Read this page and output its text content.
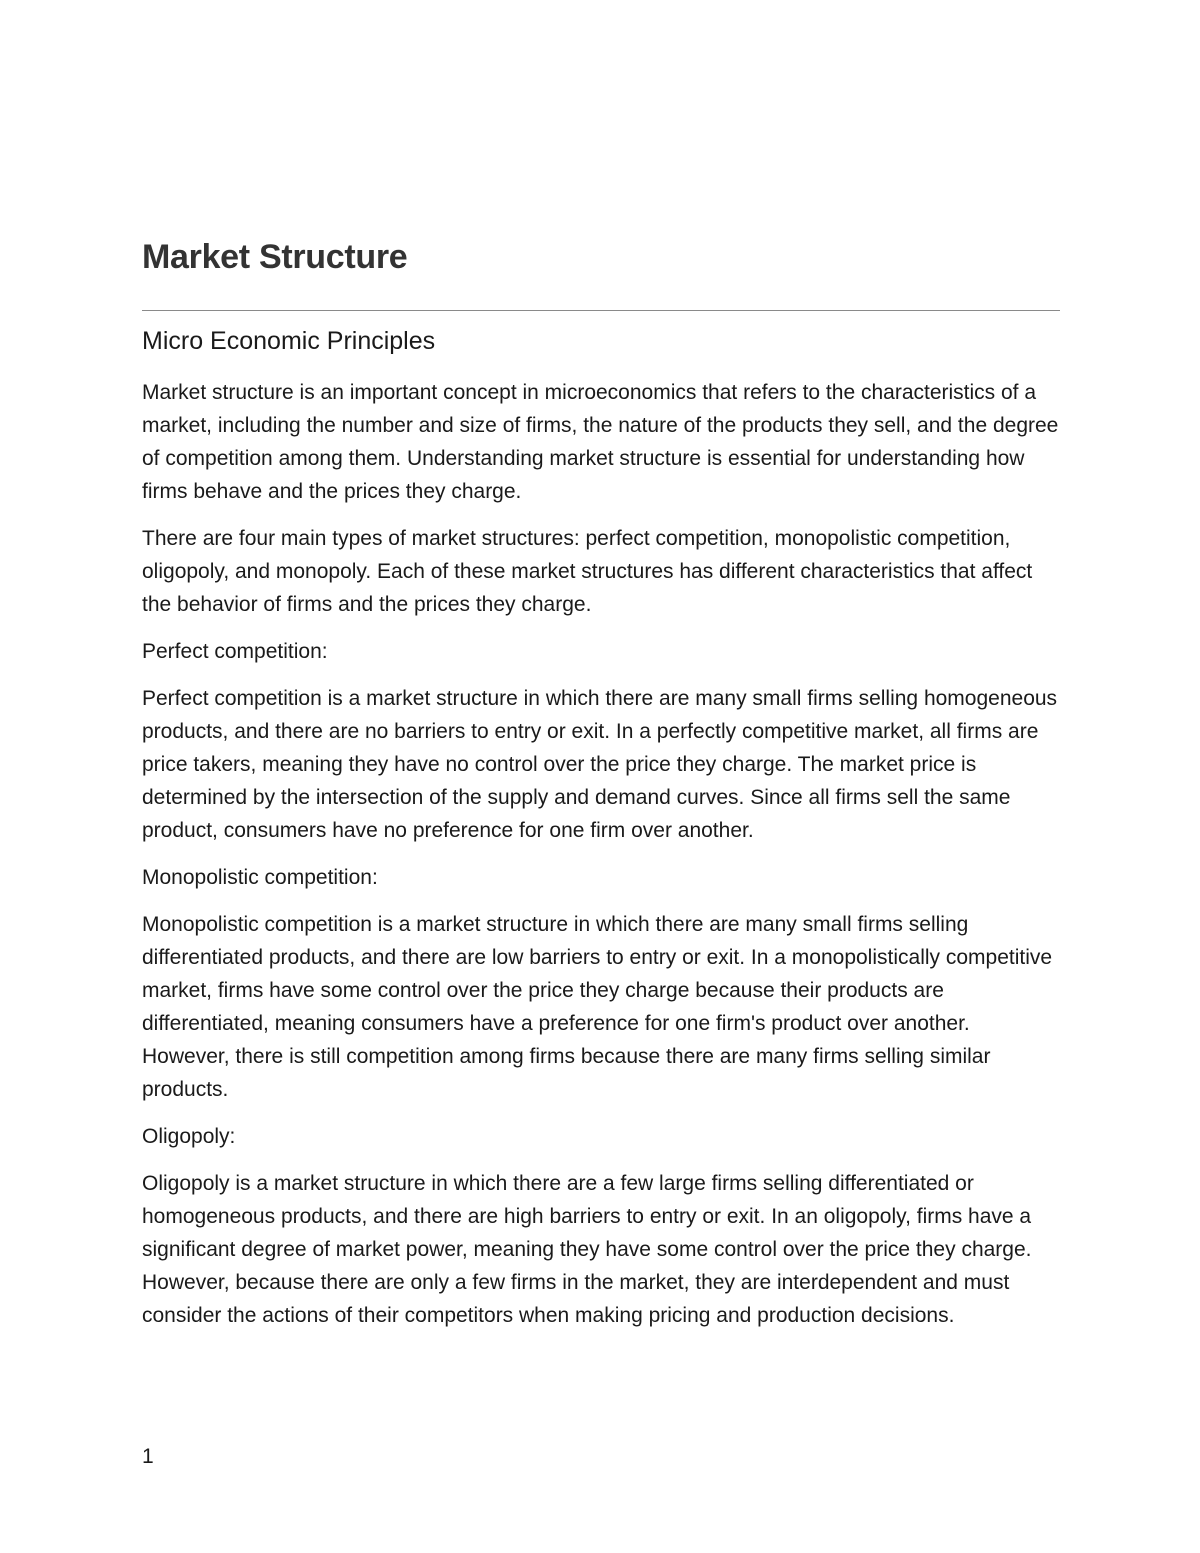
Market Structure
Micro Economic Principles

Market structure is an important concept in microeconomics that refers to the characteristics of a market, including the number and size of firms, the nature of the products they sell, and the degree of competition among them. Understanding market structure is essential for understanding how firms behave and the prices they charge.

There are four main types of market structures: perfect competition, monopolistic competition, oligopoly, and monopoly. Each of these market structures has different characteristics that affect the behavior of firms and the prices they charge.

Perfect competition:

Perfect competition is a market structure in which there are many small firms selling homogeneous products, and there are no barriers to entry or exit. In a perfectly competitive market, all firms are price takers, meaning they have no control over the price they charge. The market price is determined by the intersection of the supply and demand curves. Since all firms sell the same product, consumers have no preference for one firm over another.

Monopolistic competition:

Monopolistic competition is a market structure in which there are many small firms selling differentiated products, and there are low barriers to entry or exit. In a monopolistically competitive market, firms have some control over the price they charge because their products are differentiated, meaning consumers have a preference for one firm's product over another. However, there is still competition among firms because there are many firms selling similar products.

Oligopoly:

Oligopoly is a market structure in which there are a few large firms selling differentiated or homogeneous products, and there are high barriers to entry or exit. In an oligopoly, firms have a significant degree of market power, meaning they have some control over the price they charge. However, because there are only a few firms in the market, they are interdependent and must consider the actions of their competitors when making pricing and production decisions.

1
